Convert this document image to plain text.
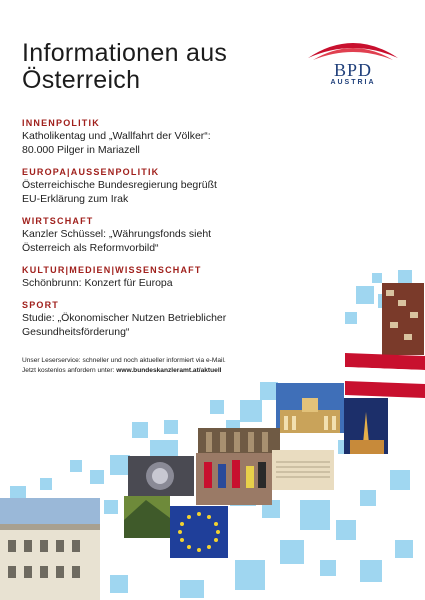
Informationen aus
Österreich	BPD
AUSTRIA
INNENPOLITIK
Katholikentag und „Wallfahrt der Völker“:
80.000 Pilger in Mariazell
EUROPA|AUSSENPOLITIK
Österreichische Bundesregierung begrüßt
EU-Erklärung zum Irak
WIRTSCHAFT
Kanzler Schüssel: „Währungsfonds sieht
Österreich als Reformvorbild“
KULTUR|MEDIEN|WISSENSCHAFT
Schönbrunn: Konzert für Europa
SPORT
Studie: „Ökonomischer Nutzen Betrieblicher
Gesundheitsförderung“
Unser Leserservice: schneller und noch aktueller informiert via e-Mail.
Jetzt kostenlos anfordern unter: www.bundeskanzleramt.at/aktuell
